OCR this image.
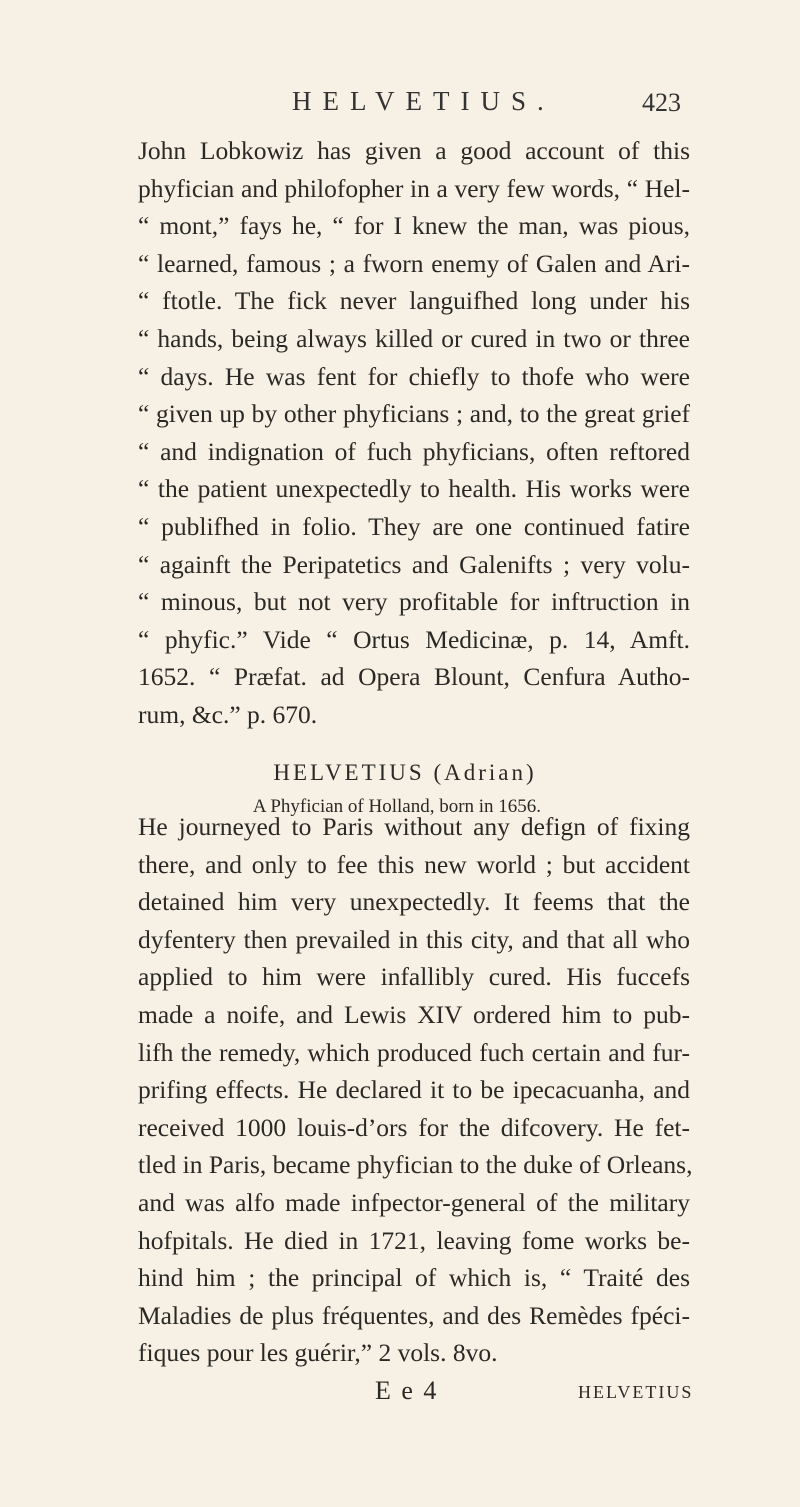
HELVETIUS.	423
John Lobkowiz has given a good account of this
phyfician and philofopher in a very few words, “ Hel-
“ mont,” fays he, “ for I knew the man, was pious,
“ learned, famous ; a fworn enemy of Galen and Ari-
“ ftotle. The fick never languifhed long under his
“ hands, being always killed or cured in two or three
“ days. He was fent for chiefly to thofe who were
“ given up by other phyficians ; and, to the great grief
“ and indignation of fuch phyficians, often reftored
“ the patient unexpectedly to health. His works were
“ publifhed in folio. They are one continued fatire
“ againft the Peripatetics and Galenifts ; very volu-
“ minous, but not very profitable for inftruction in
“ phyfic.” Vide “ Ortus Medicinæ, p. 14, Amft.
1652. “ Præfat. ad Opera Blount, Cenfura Autho-
rum, &c.” p. 670.
HELVETIUS (Adrian)
A Phyfician of Holland, born in 1656.
He journeyed to Paris without any defign of fixing
there, and only to fee this new world ; but accident
detained him very unexpectedly. It feems that the
dyfentery then prevailed in this city, and that all who
applied to him were infallibly cured. His fuccefs
made a noife, and Lewis XIV ordered him to pub-
lifh the remedy, which produced fuch certain and fur-
prifing effects. He declared it to be ipecacuanha, and
received 1000 louis-d’ors for the difcovery. He fet-
tled in Paris, became phyfician to the duke of Orleans,
and was alfo made infpector-general of the military
hofpitals. He died in 1721, leaving fome works be-
hind him ; the principal of which is, “ Traité des
Maladies de plus fréquentes, and des Remèdes fpéci-
fiques pour les guérir,” 2 vols. 8vo.
E e 4	HELVETIUS
